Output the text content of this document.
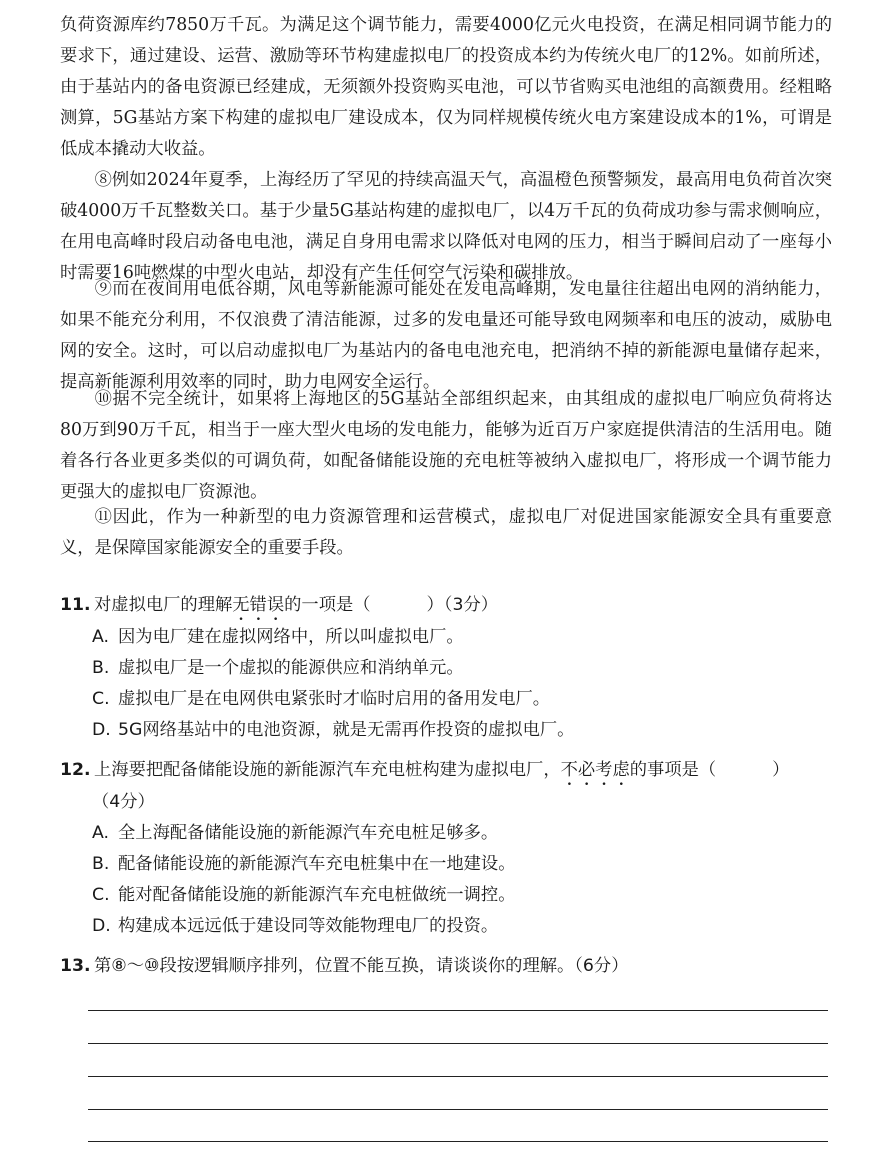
负荷资源库约7850万千瓦。为满足这个调节能力，需要4000亿元火电投资，在满足相同调节能力的要求下，通过建设、运营、激励等环节构建虚拟电厂的投资成本约为传统火电厂的12%。如前所述，由于基站内的备电资源已经建成，无须额外投资购买电池，可以节省购买电池组的高额费用。经粗略测算，5G基站方案下构建的虚拟电厂建设成本，仅为同样规模传统火电方案建设成本的1%，可谓是低成本撬动大收益。

⑧例如2024年夏季，上海经历了罕见的持续高温天气，高温橙色预警频发，最高用电负荷首次突破4000万千瓦整数关口。基于少量5G基站构建的虚拟电厂，以4万千瓦的负荷成功参与需求侧响应，在用电高峰时段启动备电电池，满足自身用电需求以降低对电网的压力，相当于瞬间启动了一座每小时需要16吨燃煤的中型火电站，却没有产生任何空气污染和碳排放。

⑨而在夜间用电低谷期，风电等新能源可能处在发电高峰期，发电量往往超出电网的消纳能力，如果不能充分利用，不仅浪费了清洁能源，过多的发电量还可能导致电网频率和电压的波动，威胁电网的安全。这时，可以启动虚拟电厂为基站内的备电电池充电，把消纳不掉的新能源电量储存起来，提高新能源利用效率的同时，助力电网安全运行。

⑩据不完全统计，如果将上海地区的5G基站全部组织起来，由其组成的虚拟电厂响应负荷将达80万到90万千瓦，相当于一座大型火电场的发电能力，能够为近百万户家庭提供清洁的生活用电。随着各行各业更多类似的可调负荷，如配备储能设施的充电桩等被纳入虚拟电厂，将形成一个调节能力更强大的虚拟电厂资源池。

⑪因此，作为一种新型的电力资源管理和运营模式，虚拟电厂对促进国家能源安全具有重要意义，是保障国家能源安全的重要手段。

11. 对虚拟电厂的理解无错误的一项是（	）（3分）
A. 因为电厂建在虚拟网络中，所以叫虚拟电厂。
B. 虚拟电厂是一个虚拟的能源供应和消纳单元。
C. 虚拟电厂是在电网供电紧张时才临时启用的备用发电厂。
D. 5G网络基站中的电池资源，就是无需再作投资的虚拟电厂。
12. 上海要把配备储能设施的新能源汽车充电桩构建为虚拟电厂，不必考虑的事项是（	）
（4分）
A. 全上海配备储能设施的新能源汽车充电桩足够多。
B. 配备储能设施的新能源汽车充电桩集中在一地建设。
C. 能对配备储能设施的新能源汽车充电桩做统一调控。
D. 构建成本远远低于建设同等效能物理电厂的投资。
13. 第⑧～⑩段按逻辑顺序排列，位置不能互换，请谈谈你的理解。（6分）
